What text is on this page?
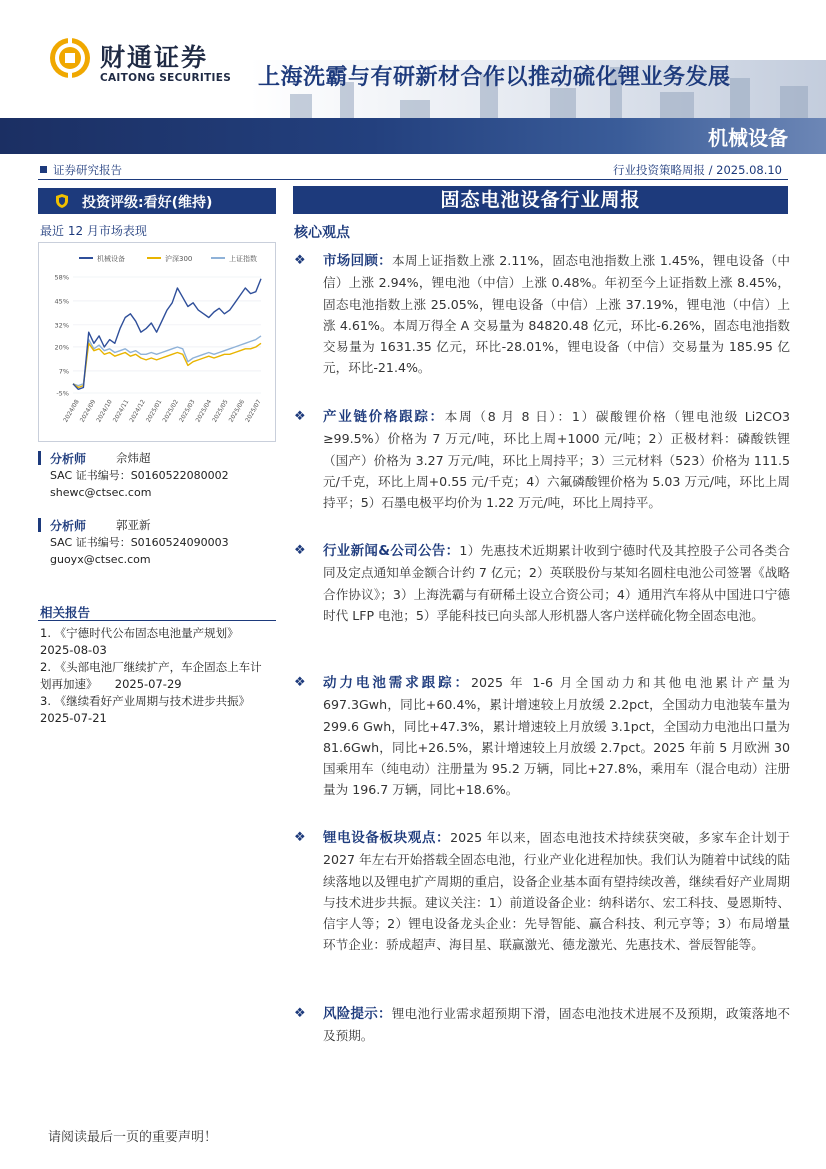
机械设备
财通证券
CAITONG SECURITIES 上海洗霸与有研新材合作以推动硫化锂业务发展
证券研究报告	行业投资策略周报 / 2025.08.10
投资评级:看好(维持)
最近 12 月市场表现
机械设备	沪深300	上证指数
58%
45%
32%
20%
7%
-5%
2024/08
2024/09
2024/10
2024/11
2024/12
2025/01
2025/02
2025/03
2025/04
2025/05
2025/06
2025/07
分析师	佘炜超
SAC 证书编号：S0160522080002
shewc@ctsec.com
分析师	郭亚新
SAC 证书编号：S0160524090003
guoyx@ctsec.com
相关报告
1. 《宁德时代公布固态电池量产规划》
2025-08-03
2. 《头部电池厂继续扩产，车企固态上车计
划再加速》　　2025-07-29
3. 《继续看好产业周期与技术进步共振》
2025-07-21
固态电池设备行业周报
核心观点
❖ 市场回顾：本周上证指数上涨 2.11%，固态电池指数上涨 1.45%，锂电设备（中信）上涨 2.94%，锂电池（中信）上涨 0.48%。年初至今上证指数上涨 8.45%，固态电池指数上涨 25.05%，锂电设备（中信）上涨 37.19%，锂电池（中信）上涨 4.61%。本周万得全 A 交易量为 84820.48 亿元，环比-6.26%，固态电池指数交易量为 1631.35 亿元，环比-28.01%，锂电设备（中信）交易量为 185.95 亿元，环比-21.4%。
❖ 产业链价格跟踪：本周（8 月 8 日）：1）碳酸锂价格（锂电池级 Li2CO3 ≥99.5%）价格为 7 万元/吨，环比上周+1000 元/吨；2）正极材料：磷酸铁锂（国产）价格为 3.27 万元/吨，环比上周持平；3）三元材料（523）价格为 111.5 元/千克，环比上周+0.55 元/千克；4）六氟磷酸锂价格为 5.03 万元/吨，环比上周持平；5）石墨电极平均价为 1.22 万元/吨，环比上周持平。
❖ 行业新闻&公司公告：1）先惠技术近期累计收到宁德时代及其控股子公司各类合同及定点通知单金额合计约 7 亿元；2）英联股份与某知名圆柱电池公司签署《战略合作协议》；3）上海洗霸与有研稀土设立合资公司；4）通用汽车将从中国进口宁德时代 LFP 电池；5）孚能科技已向头部人形机器人客户送样硫化物全固态电池。
❖ 动力电池需求跟踪：2025 年 1-6 月全国动力和其他电池累计产量为 697.3Gwh，同比+60.4%，累计增速较上月放缓 2.2pct，全国动力电池装车量为 299.6 Gwh，同比+47.3%，累计增速较上月放缓 3.1pct，全国动力电池出口量为 81.6Gwh，同比+26.5%，累计增速较上月放缓 2.7pct。2025 年前 5 月欧洲 30 国乘用车（纯电动）注册量为 95.2 万辆，同比+27.8%，乘用车（混合电动）注册量为 196.7 万辆，同比+18.6%。
❖ 锂电设备板块观点：2025 年以来，固态电池技术持续获突破，多家车企计划于 2027 年左右开始搭载全固态电池，行业产业化进程加快。我们认为随着中试线的陆续落地以及锂电扩产周期的重启，设备企业基本面有望持续改善，继续看好产业周期与技术进步共振。建议关注：1）前道设备企业：纳科诺尔、宏工科技、曼恩斯特、信宇人等；2）锂电设备龙头企业：先导智能、赢合科技、利元亨等；3）布局增量环节企业：骄成超声、海目星、联赢激光、德龙激光、先惠技术、誉辰智能等。
❖ 风险提示：锂电池行业需求超预期下滑，固态电池技术进展不及预期，政策落地不及预期。
请阅读最后一页的重要声明！
